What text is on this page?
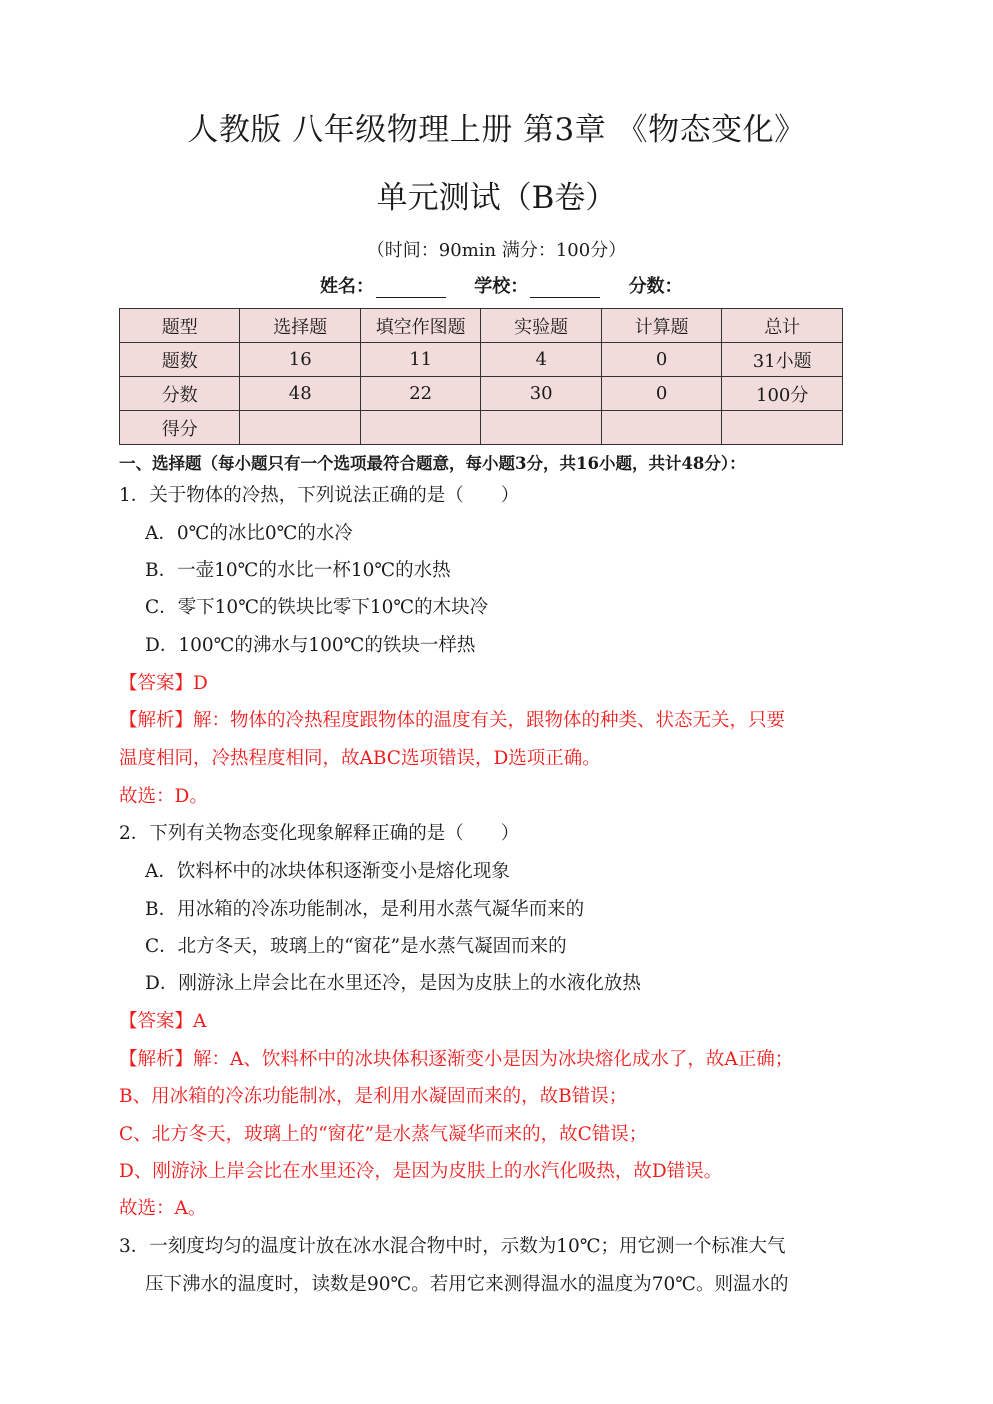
人教版 八年级物理上册 第3章 《物态变化》
单元测试（B卷）
（时间：90min 满分：100分）
姓名：	学校：	分数：
题型	选择题	填空作图题	实验题	计算题	总计
题数	16	11	4	0	31小题
分数	48	22	30	0	100分
得分					
一、选择题（每小题只有一个选项最符合题意，每小题3分，共16小题，共计48分）：
1．关于物体的冷热，下列说法正确的是（　　）
A．0℃的冰比0℃的水冷
B．一壶10℃的水比一杯10℃的水热
C．零下10℃的铁块比零下10℃的木块冷
D．100℃的沸水与100℃的铁块一样热
【答案】D
【解析】解：物体的冷热程度跟物体的温度有关，跟物体的种类、状态无关，只要
温度相同，冷热程度相同，故ABC选项错误，D选项正确。
故选：D。
2．下列有关物态变化现象解释正确的是（　　）
A．饮料杯中的冰块体积逐渐变小是熔化现象
B．用冰箱的冷冻功能制冰，是利用水蒸气凝华而来的
C．北方冬天，玻璃上的“窗花”是水蒸气凝固而来的
D．刚游泳上岸会比在水里还冷，是因为皮肤上的水液化放热
【答案】A
【解析】解：A、饮料杯中的冰块体积逐渐变小是因为冰块熔化成水了，故A正确；
B、用冰箱的冷冻功能制冰，是利用水凝固而来的，故B错误；
C、北方冬天，玻璃上的“窗花”是水蒸气凝华而来的，故C错误；
D、刚游泳上岸会比在水里还冷，是因为皮肤上的水汽化吸热，故D错误。
故选：A。
3．一刻度均匀的温度计放在冰水混合物中时，示数为10℃；用它测一个标准大气
压下沸水的温度时，读数是90℃。若用它来测得温水的温度为70℃。则温水的
